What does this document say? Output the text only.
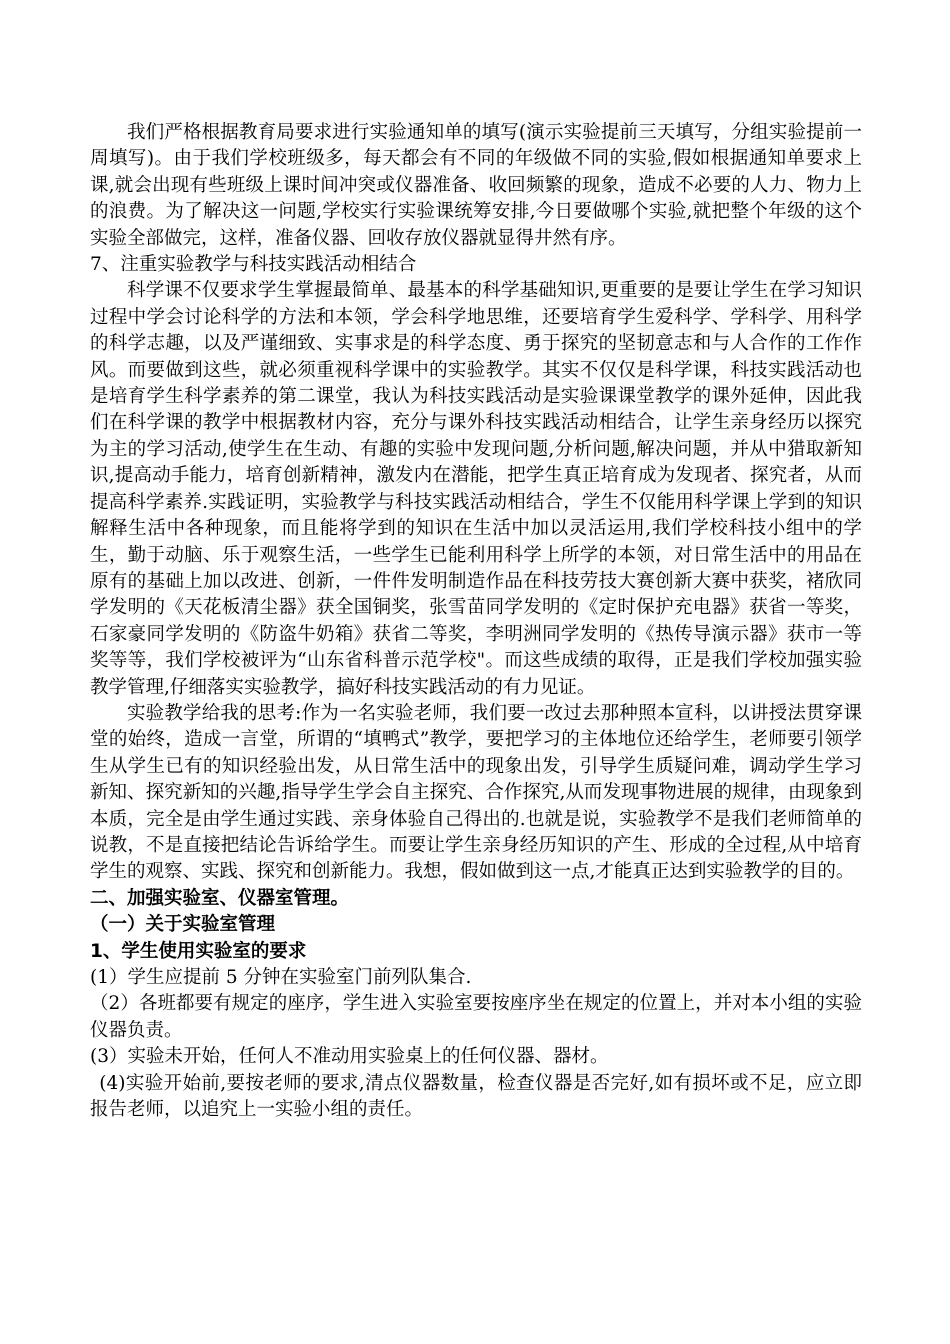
我们严格根据教育局要求进行实验通知单的填写(演示实验提前三天填写，分组实验提前一周填写)。由于我们学校班级多，每天都会有不同的年级做不同的实验,假如根据通知单要求上课,就会出现有些班级上课时间冲突或仪器准备、收回频繁的现象，造成不必要的人力、物力上的浪费。为了解决这一问题,学校实行实验课统筹安排,今日要做哪个实验,就把整个年级的这个实验全部做完，这样，准备仪器、回收存放仪器就显得井然有序。

7、注重实验教学与科技实践活动相结合

科学课不仅要求学生掌握最简单、最基本的科学基础知识,更重要的是要让学生在学习知识过程中学会讨论科学的方法和本领，学会科学地思维，还要培育学生爱科学、学科学、用科学的科学志趣，以及严谨细致、实事求是的科学态度、勇于探究的坚韧意志和与人合作的工作作风。而要做到这些，就必须重视科学课中的实验教学。其实不仅仅是科学课，科技实践活动也是培育学生科学素养的第二课堂，我认为科技实践活动是实验课课堂教学的课外延伸，因此我们在科学课的教学中根据教材内容，充分与课外科技实践活动相结合，让学生亲身经历以探究为主的学习活动,使学生在生动、有趣的实验中发现问题,分析问题,解决问题，并从中猎取新知识,提高动手能力，培育创新精神，激发内在潜能，把学生真正培育成为发现者、探究者，从而提高科学素养.实践证明，实验教学与科技实践活动相结合，学生不仅能用科学课上学到的知识解释生活中各种现象，而且能将学到的知识在生活中加以灵活运用,我们学校科技小组中的学生，勤于动脑、乐于观察生活，一些学生已能利用科学上所学的本领，对日常生活中的用品在原有的基础上加以改进、创新，一件件发明制造作品在科技劳技大赛创新大赛中获奖，褚欣同学发明的《天花板清尘器》获全国铜奖，张雪苗同学发明的《定时保护充电器》获省一等奖，石家豪同学发明的《防盗牛奶箱》获省二等奖，李明洲同学发明的《热传导演示器》获市一等奖等等，我们学校被评为“山东省科普示范学校"。而这些成绩的取得，正是我们学校加强实验教学管理,仔细落实实验教学，搞好科技实践活动的有力见证。

实验教学给我的思考:作为一名实验老师，我们要一改过去那种照本宣科，以讲授法贯穿课堂的始终，造成一言堂，所谓的“填鸭式”教学，要把学习的主体地位还给学生，老师要引领学生从学生已有的知识经验出发，从日常生活中的现象出发，引导学生质疑问难，调动学生学习新知、探究新知的兴趣,指导学生学会自主探究、合作探究,从而发现事物进展的规律，由现象到本质，完全是由学生通过实践、亲身体验自己得出的.也就是说，实验教学不是我们老师简单的说教，不是直接把结论告诉给学生。而要让学生亲身经历知识的产生、形成的全过程,从中培育学生的观察、实践、探究和创新能力。我想，假如做到这一点,才能真正达到实验教学的目的。

二、加强实验室、仪器室管理。

（一）关于实验室管理

1、学生使用实验室的要求

(1）学生应提前 5 分钟在实验室门前列队集合.

（2）各班都要有规定的座序，学生进入实验室要按座序坐在规定的位置上，并对本小组的实验仪器负责。

(3）实验未开始，任何人不准动用实验桌上的任何仪器、器材。

(4)实验开始前,要按老师的要求,清点仪器数量，检查仪器是否完好,如有损坏或不足，应立即报告老师，以追究上一实验小组的责任。
